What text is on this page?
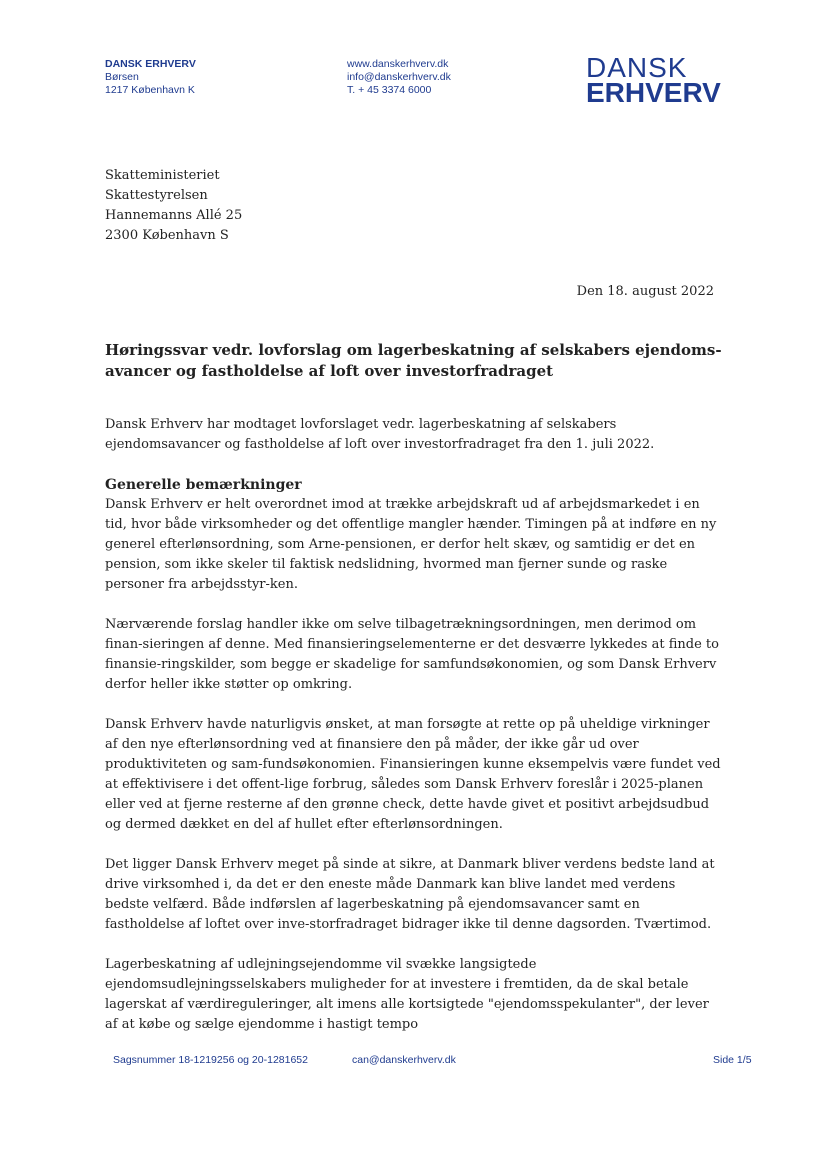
DANSK ERHVERV
Børsen
1217 København K
www.danskerhverv.dk
info@danskerhverv.dk
T. + 45 3374 6000
DANSK
ERHVERV
Skatteministeriet
Skattestyrelsen
Hannemanns Allé 25
2300 København S
Den 18. august 2022
Høringssvar vedr. lovforslag om lagerbeskatning af selskabers ejendoms-avancer og fastholdelse af loft over investorfradraget

Dansk Erhverv har modtaget lovforslaget vedr. lagerbeskatning af selskabers ejendomsavancer og fastholdelse af loft over investorfradraget fra den 1. juli 2022.

Generelle bemærkninger

Dansk Erhverv er helt overordnet imod at trække arbejdskraft ud af arbejdsmarkedet i en tid, hvor både virksomheder og det offentlige mangler hænder. Timingen på at indføre en ny generel efterlønsordning, som Arne-pensionen, er derfor helt skæv, og samtidig er det en pension, som ikke skeler til faktisk nedslidning, hvormed man fjerner sunde og raske personer fra arbejdsstyr-ken.

Nærværende forslag handler ikke om selve tilbagetrækningsordningen, men derimod om finan-sieringen af denne. Med finansieringselementerne er det desværre lykkedes at finde to finansie-ringskilder, som begge er skadelige for samfundsøkonomien, og som Dansk Erhverv derfor heller ikke støtter op omkring.

Dansk Erhverv havde naturligvis ønsket, at man forsøgte at rette op på uheldige virkninger af den nye efterlønsordning ved at finansiere den på måder, der ikke går ud over produktiviteten og sam-fundsøkonomien. Finansieringen kunne eksempelvis være fundet ved at effektivisere i det offent-lige forbrug, således som Dansk Erhverv foreslår i 2025-planen eller ved at fjerne resterne af den grønne check, dette havde givet et positivt arbejdsudbud og dermed dækket en del af hullet efter efterlønsordningen.

Det ligger Dansk Erhverv meget på sinde at sikre, at Danmark bliver verdens bedste land at drive virksomhed i, da det er den eneste måde Danmark kan blive landet med verdens bedste velfærd. Både indførslen af lagerbeskatning på ejendomsavancer samt en fastholdelse af loftet over inve-storfradraget bidrager ikke til denne dagsorden. Tværtimod.

Lagerbeskatning af udlejningsejendomme vil svække langsigtede ejendomsudlejningsselskabers muligheder for at investere i fremtiden, da de skal betale lagerskat af værdireguleringer, alt imens alle kortsigtede "ejendomsspekulanter", der lever af at købe og sælge ejendomme i hastigt tempo

Sagsnummer 18-1219256 og 20-1281652	can@danskerhverv.dk	Side 1/5
